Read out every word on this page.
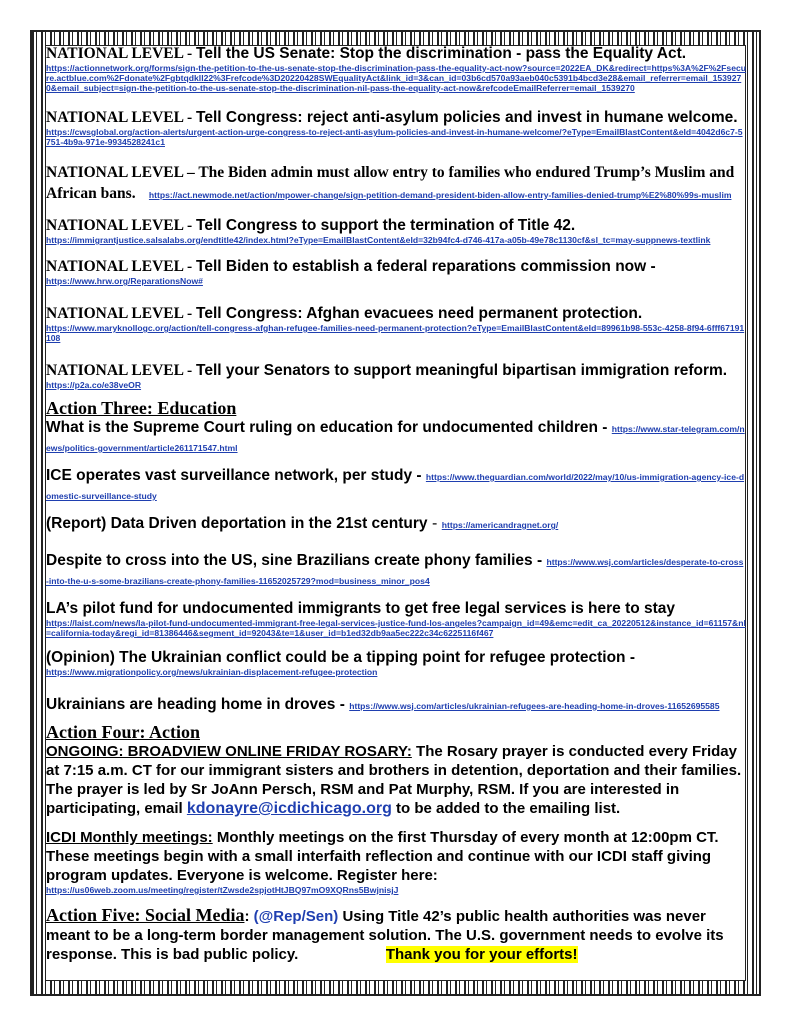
NATIONAL LEVEL - Tell the US Senate: Stop the discrimination - pass the Equality Act.
https://actionnetwork.org/forms/sign-the-petition-to-the-us-senate-stop-the-discrimination-pass-the-equality-act-now?source=2022EA_DK&redirect=https%3A%2F%2Fsecure.actblue.com%2Fdonate%2Fgbtqdkll22%3Frefcode%3D20220428SWEqualityAct&link_id=3&can_id=03b6cd570a93aeb040c5391b4bcd3e28&email_referrer=email_1539270&email_subject=sign-the-petition-to-the-us-senate-stop-the-discrimination-nil-pass-the-equality-act-now&refcodeEmailReferrer=email_1539270
NATIONAL LEVEL - Tell Congress: reject anti-asylum policies and invest in humane welcome.
https://cwsglobal.org/action-alerts/urgent-action-urge-congress-to-reject-anti-asylum-policies-and-invest-in-humane-welcome/?eType=EmailBlastContent&eId=4042d6c7-5751-4b9a-971e-9934528241c1
NATIONAL LEVEL – The Biden admin must allow entry to families who endured Trump’s Muslim and African bans. https://act.newmode.net/action/mpower-change/sign-petition-demand-president-biden-allow-entry-families-denied-trump%E2%80%99s-muslim
NATIONAL LEVEL - Tell Congress to support the termination of Title 42.
https://immigrantjustice.salsalabs.org/endtitle42/index.html?eType=EmailBlastContent&eId=32b94fc4-d746-417a-a05b-49e78c1130cf&sl_tc=may-suppnews-textlink
NATIONAL LEVEL - Tell Biden to establish a federal reparations commission now -
https://www.hrw.org/ReparationsNow#
NATIONAL LEVEL - Tell Congress: Afghan evacuees need permanent protection.
https://www.maryknollogc.org/action/tell-congress-afghan-refugee-families-need-permanent-protection?eType=EmailBlastContent&eId=89961b98-553c-4258-8f94-6fff67191108
NATIONAL LEVEL - Tell your Senators to support meaningful bipartisan immigration reform.
https://p2a.co/e38veOR
Action Three: Education
What is the Supreme Court ruling on education for undocumented children - https://www.star-telegram.com/news/politics-government/article261171547.html
ICE operates vast surveillance network, per study - https://www.theguardian.com/world/2022/may/10/us-immigration-agency-ice-domestic-surveillance-study
(Report) Data Driven deportation in the 21st century - https://americandragnet.org/
Despite to cross into the US, sine Brazilians create phony families - https://www.wsj.com/articles/desperate-to-cross-into-the-u-s-some-brazilians-create-phony-families-11652025729?mod=business_minor_pos4
LA’s pilot fund for undocumented immigrants to get free legal services is here to stay
https://laist.com/news/la-pilot-fund-undocumented-immigrant-free-legal-services-justice-fund-los-angeles?campaign_id=49&emc=edit_ca_20220512&instance_id=61157&nl=california-today&regi_id=81386446&segment_id=92043&te=1&user_id=b1ed32db9aa5ec222c34c6225116f467
(Opinion) The Ukrainian conflict could be a tipping point for refugee protection -
https://www.migrationpolicy.org/news/ukrainian-displacement-refugee-protection
Ukrainians are heading home in droves - https://www.wsj.com/articles/ukrainian-refugees-are-heading-home-in-droves-11652695585
Action Four: Action
ONGOING: BROADVIEW ONLINE FRIDAY ROSARY: The Rosary prayer is conducted every Friday at 7:15 a.m. CT for our immigrant sisters and brothers in detention, deportation and their families. The prayer is led by Sr JoAnn Persch, RSM and Pat Murphy, RSM. If you are interested in participating, email kdonayre@icdichicago.org to be added to the emailing list.
ICDI Monthly meetings: Monthly meetings on the first Thursday of every month at 12:00pm CT. These meetings begin with a small interfaith reflection and continue with our ICDI staff giving program updates. Everyone is welcome. Register here:
https://us06web.zoom.us/meeting/register/tZwsde2spjotHtJBQ97mO9XQRns5BwjnisjJ
Action Five: Social Media: (@Rep/Sen) Using Title 42’s public health authorities was never meant to be a long-term border management solution. The U.S. government needs to evolve its response. This is bad public policy.	Thank you for your efforts!
